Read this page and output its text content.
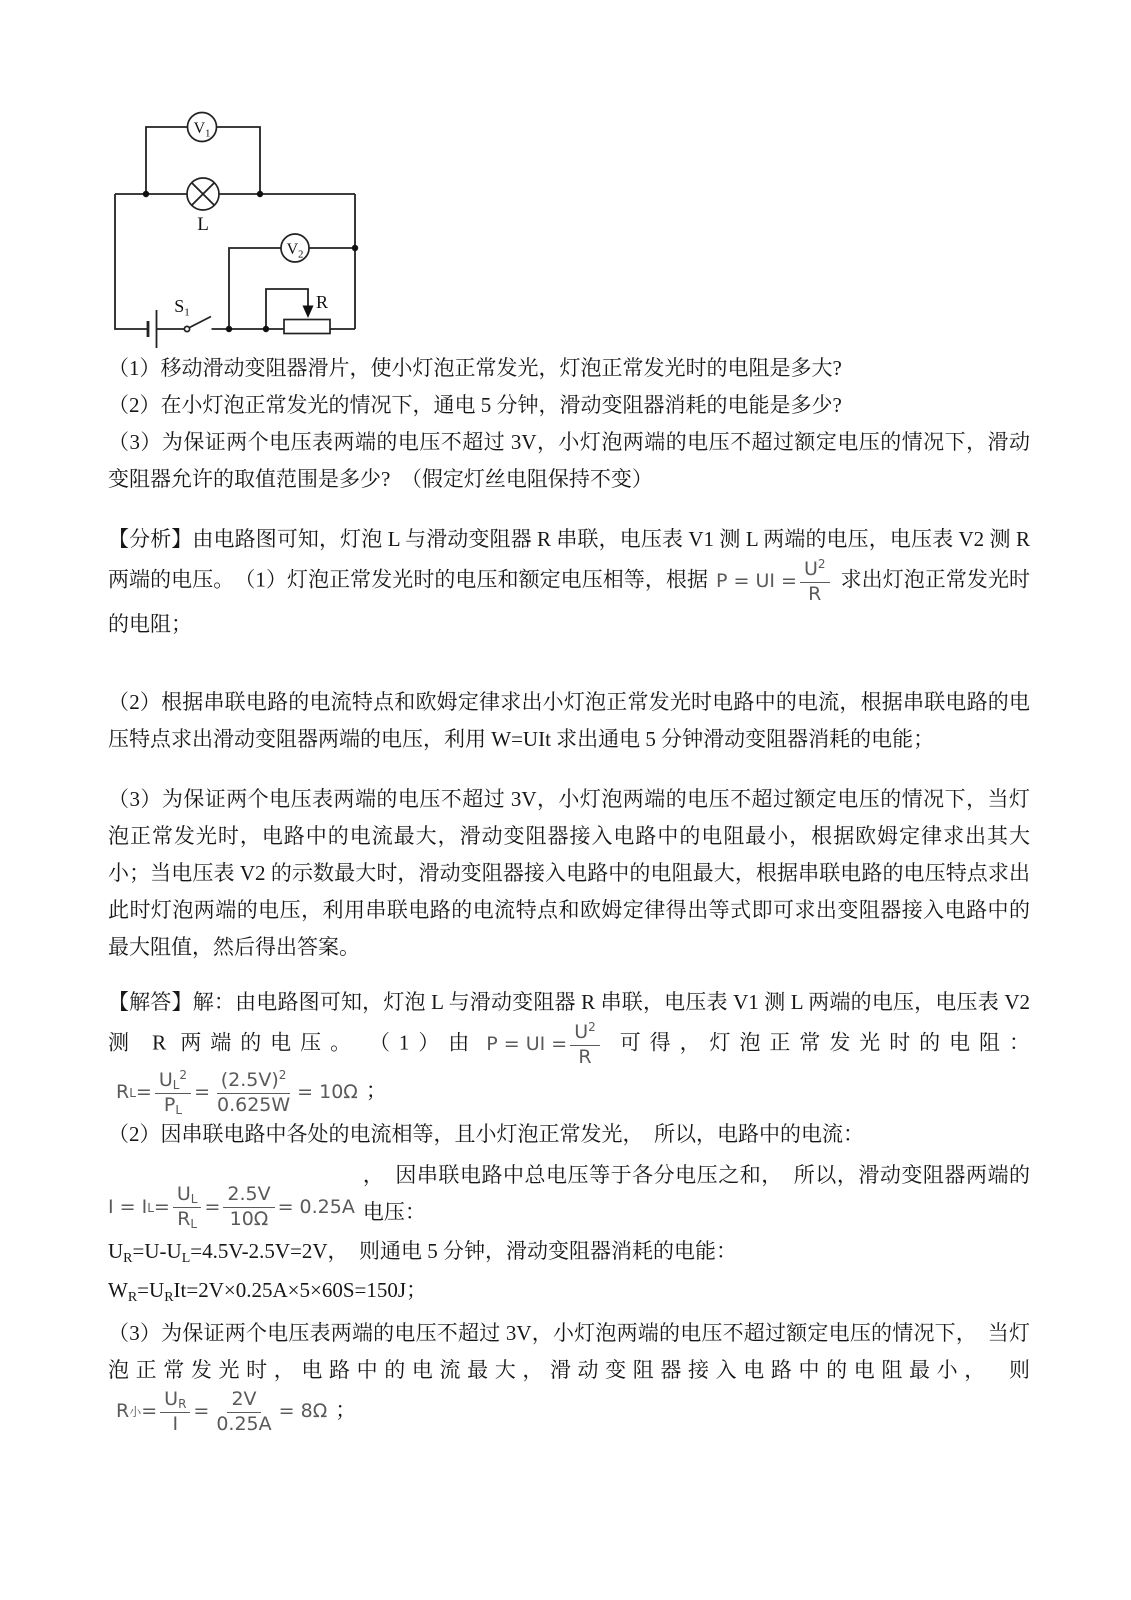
$V_1$
$V_2$
L
S1
R

（1）移动滑动变阻器滑片，使小灯泡正常发光，灯泡正常发光时的电阻是多大?

（2）在小灯泡正常发光的情况下，通电 5 分钟，滑动变阻器消耗的电能是多少?

（3）为保证两个电压表两端的电压不超过 3V，小灯泡两端的电压不超过额定电压的情况下，滑动变阻器允许的取值范围是多少?　（假定灯丝电阻保持不变）

【分析】由电路图可知，灯泡 L 与滑动变阻器 R 串联，电压表 V1 测 L 两端的电压，电压表 V2 测 R 两端的电压。　（1）灯泡正常发光时的电压和额定电压相等，根据 P = UI = $\frac{U^2}{R}$ 求出灯泡正常发光时的电阻；

（2）根据串联电路的电流特点和欧姆定律求出小灯泡正常发光时电路中的电流，根据串联电路的电压特点求出滑动变阻器两端的电压，利用 W=UIt 求出通电 5 分钟滑动变阻器消耗的电能；

（3）为保证两个电压表两端的电压不超过 3V，小灯泡两端的电压不超过额定电压的情况下，当灯泡正常发光时，电路中的电流最大，滑动变阻器接入电路中的电阻最小，根据欧姆定律求出其大小；当电压表 V2 的示数最大时，滑动变阻器接入电路中的电阻最大，根据串联电路的电压特点求出此时灯泡两端的电压，利用串联电路的电流特点和欧姆定律得出等式即可求出变阻器接入电路中的最大阻值，然后得出答案。

【解答】解：由电路图可知，灯泡 L 与滑动变阻器 R 串联，电压表 V1 测 L 两端的电压，电压表 V2 测 R 两端的电压。　（1）由 P = UI = $\frac{U^2}{R}$ 可得，灯泡正常发光时的电阻：R $L = \frac{U_L^2}{P_L} = \frac{(2.5V)^2}{0.625W} = 10\Omega$ ；

（2）因串联电路中各处的电流相等，且小灯泡正常发光，　所以，电路中的电流：

I = I $L = \frac{U_L}{R_L} = \frac{2.5V}{10\Omega} = 0.25A$

，　因串联电路中总电压等于各分电压之和，　所以，滑动变阻器两端的电压：

$U_R=U-U_L=4.5V-2.5V=2V$，　则通电 5 分钟，滑动变阻器消耗的电能：

$W_R=U_RIt=2V\times 0.25A\times 5\times 60S=150J$；

（3）为保证两个电压表两端的电压不超过 3V，小灯泡两端的电压不超过额定电压的情况下，　当灯泡正常发光时，电路中的电流最大，滑动变阻器接入电路中的电阻最小，　则R 小 = $\frac{U_R}{I} = \frac{2V}{0.25A} = 8\Omega$ ；
